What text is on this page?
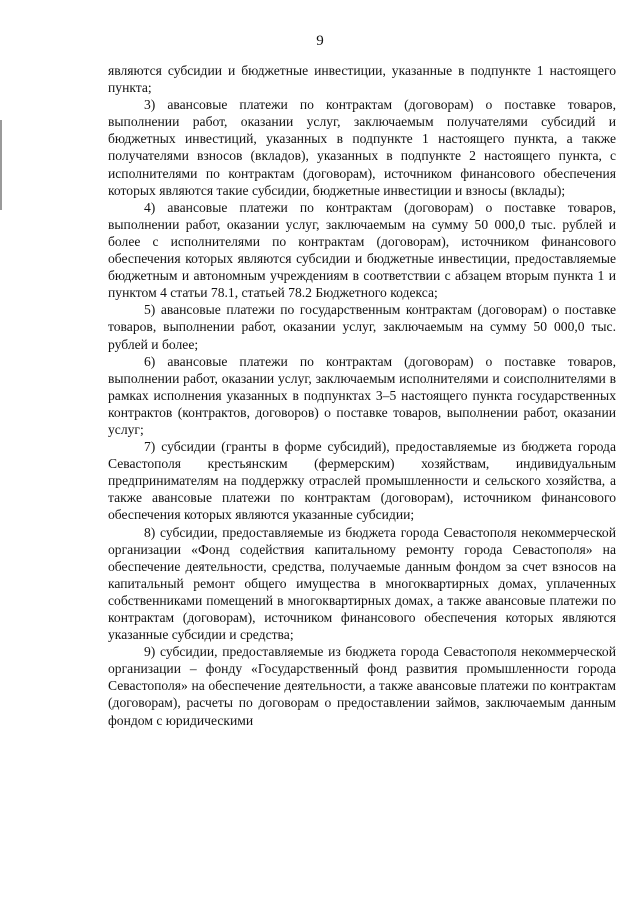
9

являются субсидии и бюджетные инвестиции, указанные в подпункте 1 настоящего пункта;

3) авансовые платежи по контрактам (договорам) о поставке товаров, выполнении работ, оказании услуг, заключаемым получателями субсидий и бюджетных инвестиций, указанных в подпункте 1 настоящего пункта, а также получателями взносов (вкладов), указанных в подпункте 2 настоящего пункта, с исполнителями по контрактам (договорам), источником финансового обеспечения которых являются такие субсидии, бюджетные инвестиции и взносы (вклады);

4) авансовые платежи по контрактам (договорам) о поставке товаров, выполнении работ, оказании услуг, заключаемым на сумму 50 000,0 тыс. рублей и более с исполнителями по контрактам (договорам), источником финансового обеспечения которых являются субсидии и бюджетные инвестиции, предоставляемые бюджетным и автономным учреждениям в соответствии с абзацем вторым пункта 1 и пунктом 4 статьи 78.1, статьей 78.2 Бюджетного кодекса;

5) авансовые платежи по государственным контрактам (договорам) о поставке товаров, выполнении работ, оказании услуг, заключаемым на сумму 50 000,0 тыс. рублей и более;

6) авансовые платежи по контрактам (договорам) о поставке товаров, выполнении работ, оказании услуг, заключаемым исполнителями и соисполнителями в рамках исполнения указанных в подпунктах 3–5 настоящего пункта государственных контрактов (контрактов, договоров) о поставке товаров, выполнении работ, оказании услуг;

7) субсидии (гранты в форме субсидий), предоставляемые из бюджета города Севастополя крестьянским (фермерским) хозяйствам, индивидуальным предпринимателям на поддержку отраслей промышленности и сельского хозяйства, а также авансовые платежи по контрактам (договорам), источником финансового обеспечения которых являются указанные субсидии;

8) субсидии, предоставляемые из бюджета города Севастополя некоммерческой организации «Фонд содействия капитальному ремонту города Севастополя» на обеспечение деятельности, средства, получаемые данным фондом за счет взносов на капитальный ремонт общего имущества в многоквартирных домах, уплаченных собственниками помещений в многоквартирных домах, а также авансовые платежи по контрактам (договорам), источником финансового обеспечения которых являются указанные субсидии и средства;

9) субсидии, предоставляемые из бюджета города Севастополя некоммерческой организации – фонду «Государственный фонд развития промышленности города Севастополя» на обеспечение деятельности, а также авансовые платежи по контрактам (договорам), расчеты по договорам о предоставлении займов, заключаемым данным фондом с юридическими
